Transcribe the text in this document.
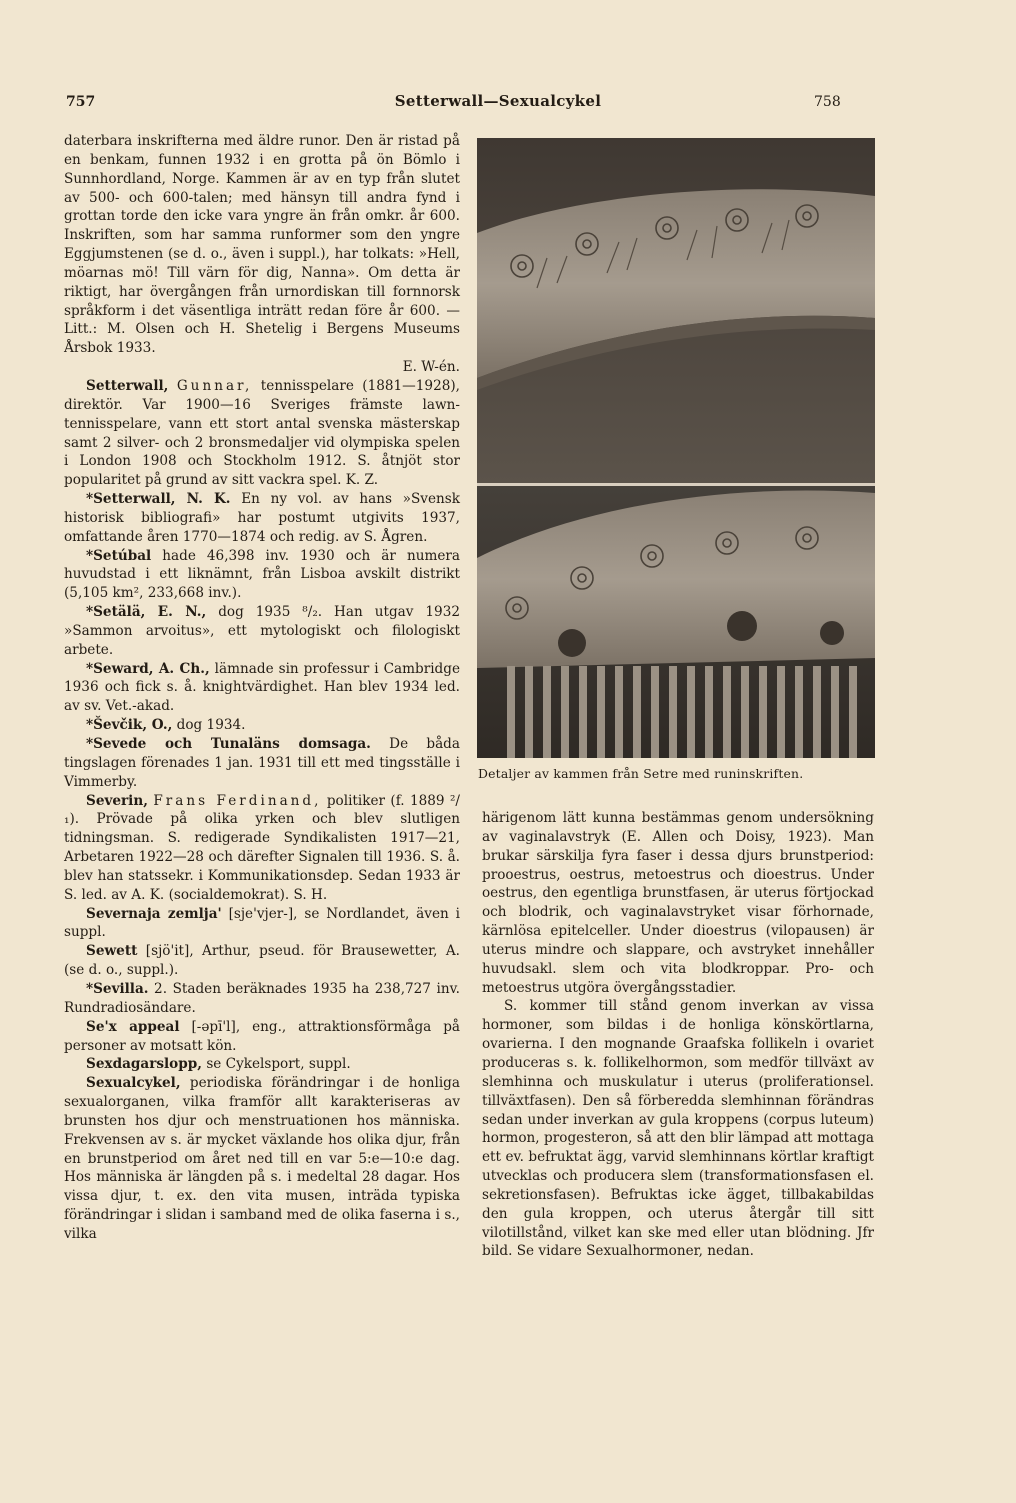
757	Setterwall—Sexualcykel	758

daterbara inskrifterna med äldre runor. Den är ristad på en benkam, funnen 1932 i en grotta på ön Bömlo i Sunnhordland, Norge. Kammen är av en typ från slutet av 500- och 600-talen; med hänsyn till andra fynd i grottan torde den icke vara yngre än från omkr. år 600. Inskriften, som har samma runformer som den yngre Eggjumstenen (se d. o., även i suppl.), har tolkats: »Hell, möarnas mö! Till värn för dig, Nanna». Om detta är riktigt, har övergången från urnordiskan till fornnorsk språkform i det väsentliga inträtt redan före år 600. — Litt.: M. Olsen och H. Shetelig i Bergens Museums Årsbok 1933.

E. W-én.

Setterwall, Gunnar, tennisspelare (1881—1928), direktör. Var 1900—16 Sveriges främste lawn-tennisspelare, vann ett stort antal svenska mästerskap samt 2 silver- och 2 bronsmedaljer vid olympiska spelen i London 1908 och Stockholm 1912. S. åtnjöt stor popularitet på grund av sitt vackra spel. K. Z.

*Setterwall, N. K. En ny vol. av hans »Svensk historisk bibliografi» har postumt utgivits 1937, omfattande åren 1770—1874 och redig. av S. Ågren.

*Setúbal hade 46,398 inv. 1930 och är numera huvudstad i ett liknämnt, från Lisboa avskilt distrikt (5,105 km², 233,668 inv.).

*Setälä, E. N., dog 1935 ⁸/₂. Han utgav 1932 »Sammon arvoitus», ett mytologiskt och filologiskt arbete.

*Seward, A. Ch., lämnade sin professur i Cambridge 1936 och fick s. å. knightvärdighet. Han blev 1934 led. av sv. Vet.-akad.

*Ševčik, O., dog 1934.

*Sevede och Tunaläns domsaga. De båda tingslagen förenades 1 jan. 1931 till ett med tingsställe i Vimmerby.

Severin, Frans Ferdinand, politiker (f. 1889 ²/₁). Prövade på olika yrken och blev slutligen tidningsman. S. redigerade Syndikalisten 1917—21, Arbetaren 1922—28 och därefter Signalen till 1936. S. å. blev han statssekr. i Kommunikationsdep. Sedan 1933 är S. led. av A. K. (socialdemokrat). S. H.

Severnaja zemlja' [sje'vjer-], se Nordlandet, även i suppl.

Sewett [sjö'it], Arthur, pseud. för Brausewetter, A. (se d. o., suppl.).

*Sevilla. 2. Staden beräknades 1935 ha 238,727 inv. Rundradiosändare.

Se'x appeal [-əpī'l], eng., attraktionsförmåga på personer av motsatt kön.

Sexdagarslopp, se Cykelsport, suppl.

Sexualcykel, periodiska förändringar i de honliga sexualorganen, vilka framför allt karakteriseras av brunsten hos djur och menstruationen hos människa. Frekvensen av s. är mycket växlande hos olika djur, från en brunstperiod om året ned till en var 5:e—10:e dag. Hos människa är längden på s. i medeltal 28 dagar. Hos vissa djur, t. ex. den vita musen, inträda typiska förändringar i slidan i samband med de olika faserna i s., vilka

Detaljer av kammen från Setre med runinskriften.

härigenom lätt kunna bestämmas genom undersökning av vaginalavstryk (E. Allen och Doisy, 1923). Man brukar särskilja fyra faser i dessa djurs brunstperiod: prooestrus, oestrus, metoestrus och dioestrus. Under oestrus, den egentliga brunstfasen, är uterus förtjockad och blodrik, och vaginalavstryket visar förhornade, kärnlösa epitelceller. Under dioestrus (vilopausen) är uterus mindre och slappare, och avstryket innehåller huvudsakl. slem och vita blodkroppar. Pro- och metoestrus utgöra övergångsstadier.

S. kommer till stånd genom inverkan av vissa hormoner, som bildas i de honliga könskörtlarna, ovarierna. I den mognande Graafska follikeln i ovariet produceras s. k. follikelhormon, som medför tillväxt av slemhinna och muskulatur i uterus (proliferationsel. tillväxtfasen). Den så förberedda slemhinnan förändras sedan under inverkan av gula kroppens (corpus luteum) hormon, progesteron, så att den blir lämpad att mottaga ett ev. befruktat ägg, varvid slemhinnans körtlar kraftigt utvecklas och producera slem (transformationsfasen el. sekretionsfasen). Befruktas icke ägget, tillbakabildas den gula kroppen, och uterus återgår till sitt vilotillstånd, vilket kan ske med eller utan blödning. Jfr bild. Se vidare Sexualhormoner, nedan.
